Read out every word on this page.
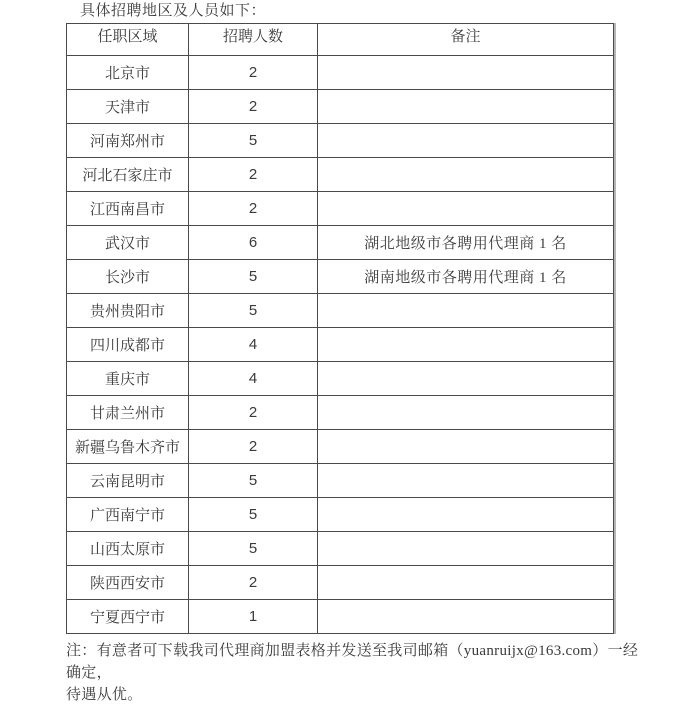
具体招聘地区及人员如下：

任职区域	招聘人数	备注
北京市	2	
天津市	2	
河南郑州市	5	
河北石家庄市	2	
江西南昌市	2	
武汉市	6	湖北地级市各聘用代理商 1 名
长沙市	5	湖南地级市各聘用代理商 1 名
贵州贵阳市	5	
四川成都市	4	
重庆市	4	
甘肃兰州市	2	
新疆乌鲁木齐市	2	
云南昆明市	5	
广西南宁市	5	
山西太原市	5	
陕西西安市	2	
宁夏西宁市	1	

注：有意者可下载我司代理商加盟表格并发送至我司邮箱（yuanruijx@163.com）一经确定，
待遇从优。
